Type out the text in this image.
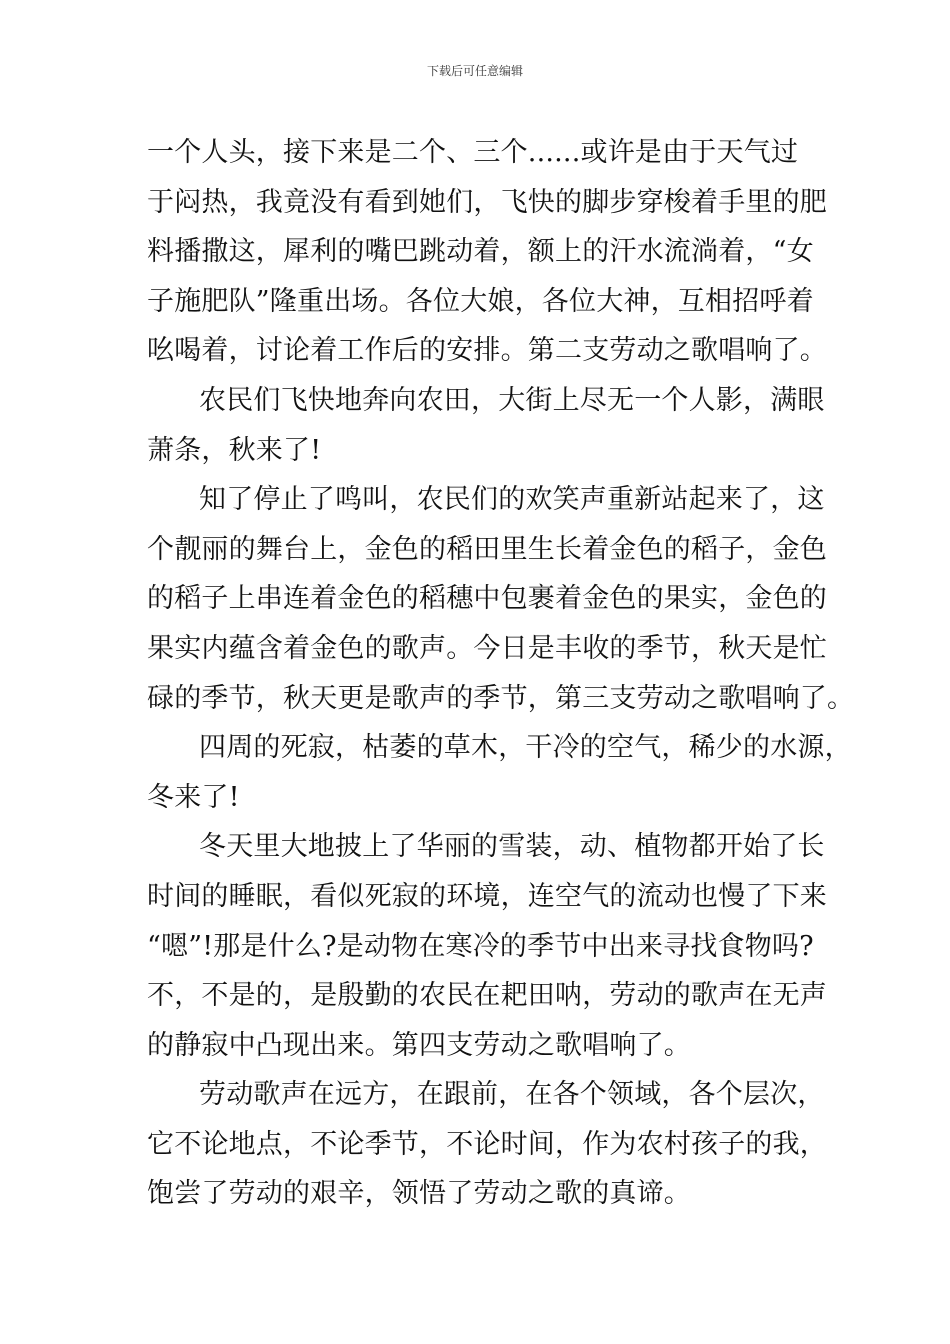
下载后可任意编辑
一个人头，接下来是二个、三个......或许是由于天气过
于闷热，我竟没有看到她们，飞快的脚步穿梭着手里的肥
料播撒这，犀利的嘴巴跳动着，额上的汗水流淌着，“女
子施肥队”隆重出场。各位大娘，各位大神，互相招呼着
吆喝着，讨论着工作后的安排。第二支劳动之歌唱响了。
农民们飞快地奔向农田，大街上尽无一个人影，满眼
萧条，秋来了!
知了停止了鸣叫，农民们的欢笑声重新站起来了，这
个靓丽的舞台上，金色的稻田里生长着金色的稻子，金色
的稻子上串连着金色的稻穗中包裹着金色的果实，金色的
果实内蕴含着金色的歌声。今日是丰收的季节，秋天是忙
碌的季节，秋天更是歌声的季节，第三支劳动之歌唱响了。
四周的死寂，枯萎的草木，干冷的空气，稀少的水源，
冬来了!
冬天里大地披上了华丽的雪装，动、植物都开始了长
时间的睡眠，看似死寂的环境，连空气的流动也慢了下来
“嗯”!那是什么?是动物在寒冷的季节中出来寻找食物吗?
不，不是的，是殷勤的农民在耙田呐，劳动的歌声在无声
的静寂中凸现出来。第四支劳动之歌唱响了。
劳动歌声在远方，在跟前，在各个领域，各个层次，
它不论地点，不论季节，不论时间，作为农村孩子的我，
饱尝了劳动的艰辛，领悟了劳动之歌的真谛。
